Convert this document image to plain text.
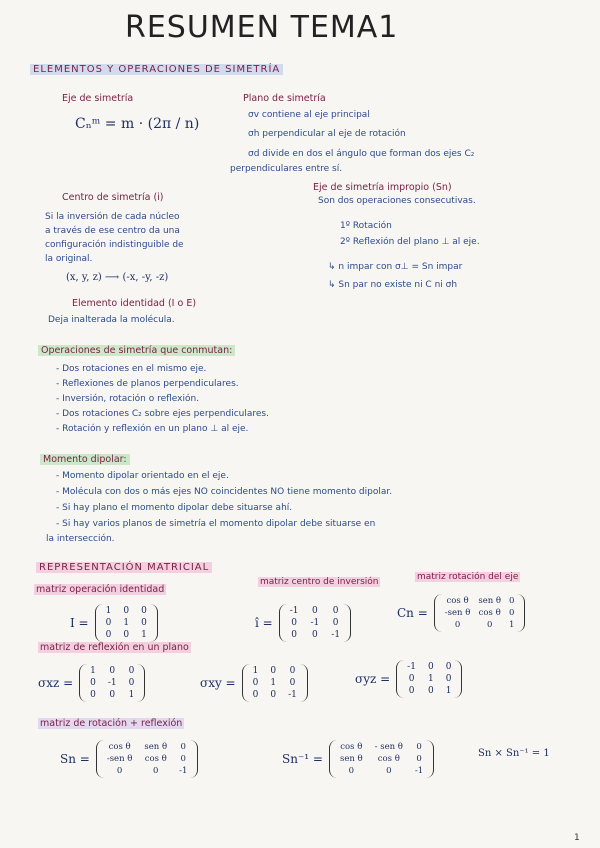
RESUMEN TEMA1
ELEMENTOS Y OPERACIONES DE SIMETRÍA
Eje de simetría
Cₙᵐ = m · (2π / n)
Plano de simetría
σv contiene al eje principal
σh perpendicular al eje de rotación
σd divide en dos el ángulo que forman dos ejes C₂
perpendiculares entre sí.
Centro de simetría (i)
Si la inversión de cada núcleo
a través de ese centro da una
configuración indistinguible de
la original.
(x, y, z) ⟶ (-x, -y, -z)
Eje de simetría impropio (Sn)
Son dos operaciones consecutivas.
1º Rotación
2º Reflexión del plano ⊥ al eje.
↳ n impar con σ⊥ = Sn impar
↳ Sn par no existe ni C ni σh
Elemento identidad (I o E)
Deja inalterada la molécula.
Operaciones de simetría que conmutan:
- Dos rotaciones en el mismo eje.
- Reflexiones de planos perpendiculares.
- Inversión, rotación o reflexión.
- Dos rotaciones C₂ sobre ejes perpendiculares.
- Rotación y reflexión en un plano ⊥ al eje.
Momento dipolar:
- Momento dipolar orientado en el eje.
- Molécula con dos o más ejes NO coincidentes NO tiene momento dipolar.
- Si hay plano el momento dipolar debe situarse ahí.
- Si hay varios planos de simetría el momento dipolar debe situarse en
la intersección.
REPRESENTACIÓN MATRICIAL
matriz operación identidad
I =
1 0 0
0 1 0
0 0 1
matriz centro de inversión
î =
-1 0 0
0 -1 0
0 0 -1
matriz rotación del eje
Cn =
cos θ sen θ 0
-sen θ cos θ 0
0	0	1
matriz de reflexión en un plano
σxz =
1 0 0
0 -1 0
0 0 1
σxy =
1 0 0
0 1 0
0 0 -1
σyz =
-1 0 0
0 1 0
0 0 1
matriz de rotación + reflexión
Sn =
cos θ sen θ 0
-sen θ cos θ 0
0	0	-1
Sn⁻¹ =
cos θ - sen θ 0
sen θ	cos θ	0
0	0	-1
Sn × Sn⁻¹ = 1
1
